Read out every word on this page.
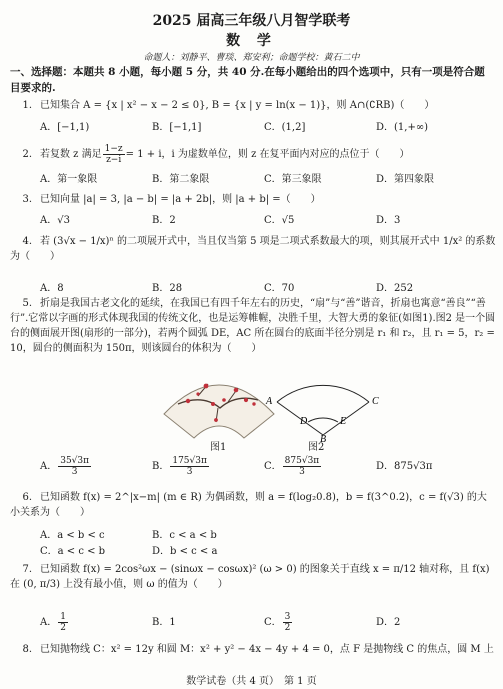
2025 届高三年级八月智学联考
数 学
命题人：刘静平、曹琰、郑安利；命题学校：黄石二中
一、选择题：本题共 8 小题，每小题 5 分，共 40 分.在每小题给出的四个选项中，只有一项是符合题目要求的.
1. 已知集合 A = {x | x² − x − 2 ≤ 0}, B = {x | y = ln(x − 1)}，则 A∩(∁RB)（　　）
A．[−1,1)	B．[−1,1]	C．(1,2]	D．(1,+∞)
2. 若复数 z 满足 $\frac{1-z}{z-i} = 1 + i$，i 为虚数单位，则 z 在复平面内对应的点位于（　　）
A．第一象限	B．第二象限	C．第三象限	D．第四象限
3. 已知向量 |a| = 3, |a − b| = |a + 2b|，则 |a + b| =（　　）
A．√3	B．2	C．√5	D．3
4. 若 (3√x − 1/x)ⁿ 的二项展开式中，当且仅当第 5 项是二项式系数最大的项，则其展开式中 1/x² 的系数为（　　）
A．8	B．28	C．70	D．252
5. 折扇是我国古老文化的延续，在我国已有四千年左右的历史，“扇”与“善”谐音，折扇也寓意“善良”“善行”.它常以字画的形式体现我国的传统文化，也是运筹帷幄，决胜千里，大智大勇的象征(如图1).图2 是一个圆台的侧面展开图(扇形的一部分)，若两个圆弧 DE，AC 所在圆台的底面半径分别是 r₁ 和 r₂，且 r₁ = 5，r₂ = 10，圆台的侧面积为 150π，则该圆台的体积为（　　）
图1
A	C
D	E
B
图2
A． $\frac{35√3\pi}{3}$	B． $\frac{175√3\pi}{3}$	C． $\frac{875√3\pi}{3}$	D．875√3π
6. 已知函数 f(x) = 2^|x−m| (m ∈ R) 为偶函数，则 a = f(log₂0.8)，b = f(3^0.2)，c = f(√3) 的大小关系为（　　）
A．a < b < c	B．c < a < b
C．a < c < b	D．b < c < a
7. 已知函数 f(x) = 2cos²ωx − (sinωx − cosωx)² (ω > 0) 的图象关于直线 x = π/12 轴对称，且 f(x) 在 (0, π/3) 上没有最小值，则 ω 的值为（　　）
A． $\frac{1}{2}$	B．1	C． $\frac{3}{2}$	D．2
8. 已知抛物线 C：x² = 12y 和圆 M：x² + y² − 4x − 4y + 4 = 0，点 F 是抛物线 C 的焦点，圆 M 上
数学试卷（共 4 页）　第 1 页
